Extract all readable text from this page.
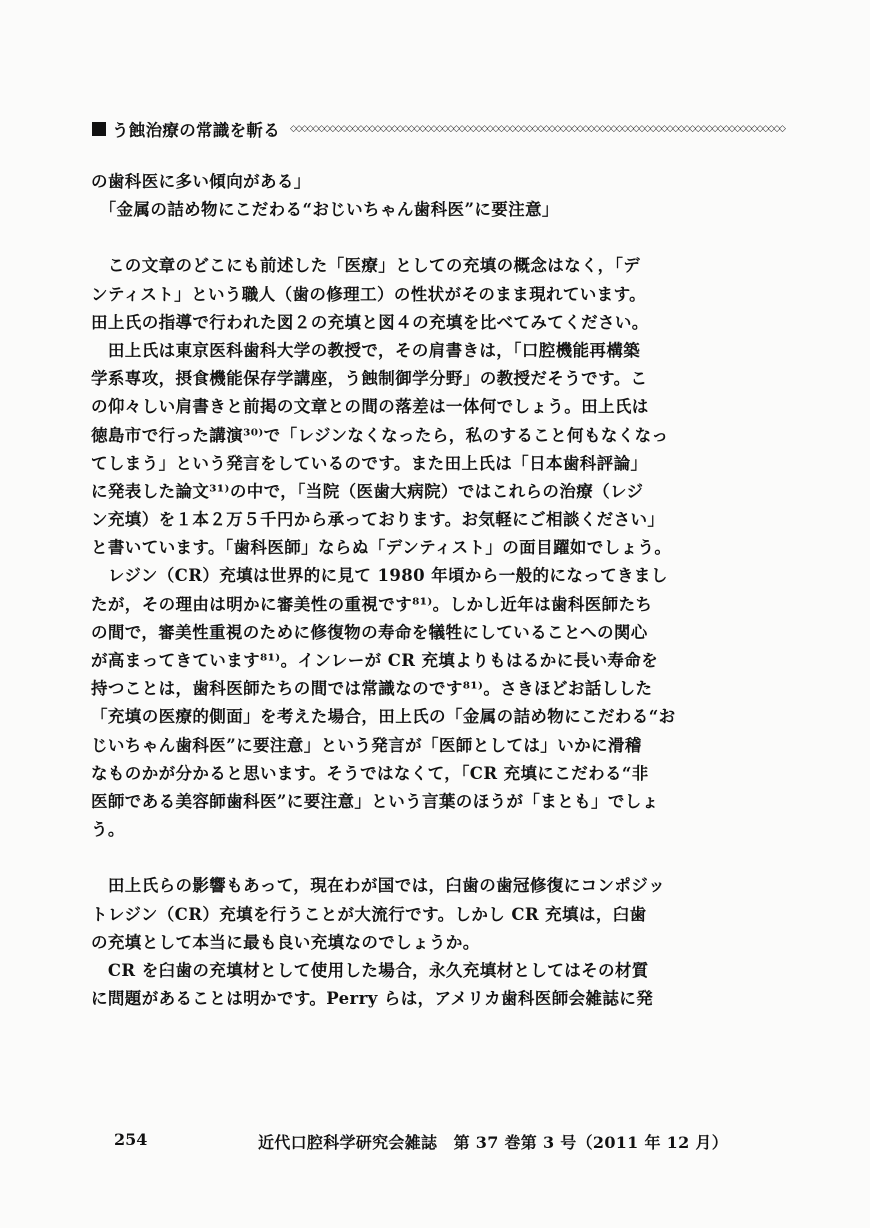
う蝕治療の常識を斬る ◇◇◇◇◇◇◇◇◇◇◇◇◇◇◇◇◇◇◇◇◇◇◇◇◇◇◇◇◇◇◇◇◇◇◇◇◇◇◇◇◇◇◇◇◇◇◇◇◇◇◇◇◇◇◇◇◇◇◇◇◇◇◇◇◇◇◇◇◇◇◇◇◇◇◇◇◇◇◇◇◇◇◇◇◇◇◇◇
の歯科医に多い傾向がある」
　「金属の詰め物にこだわる“おじいちゃん歯科医”に要注意」
　この文章のどこにも前述した「医療」としての充填の概念はなく，「デ
ンティスト」という職人（歯の修理工）の性状がそのまま現れています。
田上氏の指導で行われた図２の充填と図４の充填を比べてみてください。
　田上氏は東京医科歯科大学の教授で，その肩書きは，「口腔機能再構築
学系専攻，摂食機能保存学講座，う蝕制御学分野」の教授だそうです。こ
の仰々しい肩書きと前掲の文章との間の落差は一体何でしょう。田上氏は
徳島市で行った講演³⁰⁾で「レジンなくなったら，私のすること何もなくなっ
てしまう」という発言をしているのです。また田上氏は「日本歯科評論」
に発表した論文³¹⁾の中で，「当院（医歯大病院）ではこれらの治療（レジ
ン充填）を１本２万５千円から承っております。お気軽にご相談ください」
と書いています。「歯科医師」ならぬ「デンティスト」の面目躍如でしょう。
　レジン（CR）充填は世界的に見て 1980 年頃から一般的になってきまし
たが，その理由は明かに審美性の重視です⁸¹⁾。しかし近年は歯科医師たち
の間で，審美性重視のために修復物の寿命を犠牲にしていることへの関心
が高まってきています⁸¹⁾。インレーが CR 充填よりもはるかに長い寿命を
持つことは，歯科医師たちの間では常識なのです⁸¹⁾。さきほどお話しした
「充填の医療的側面」を考えた場合，田上氏の「金属の詰め物にこだわる“お
じいちゃん歯科医”に要注意」という発言が「医師としては」いかに滑稽
なものかが分かると思います。そうではなくて，「CR 充填にこだわる“非
医師である美容師歯科医”に要注意」という言葉のほうが「まとも」でしょ
う。
　田上氏らの影響もあって，現在わが国では，臼歯の歯冠修復にコンポジッ
トレジン（CR）充填を行うことが大流行です。しかし CR 充填は，臼歯
の充填として本当に最も良い充填なのでしょうか。
　CR を臼歯の充填材として使用した場合，永久充填材としてはその材質
に問題があることは明かです。Perry らは，アメリカ歯科医師会雑誌に発
254	近代口腔科学研究会雑誌　第 37 巻第 3 号（2011 年 12 月）
